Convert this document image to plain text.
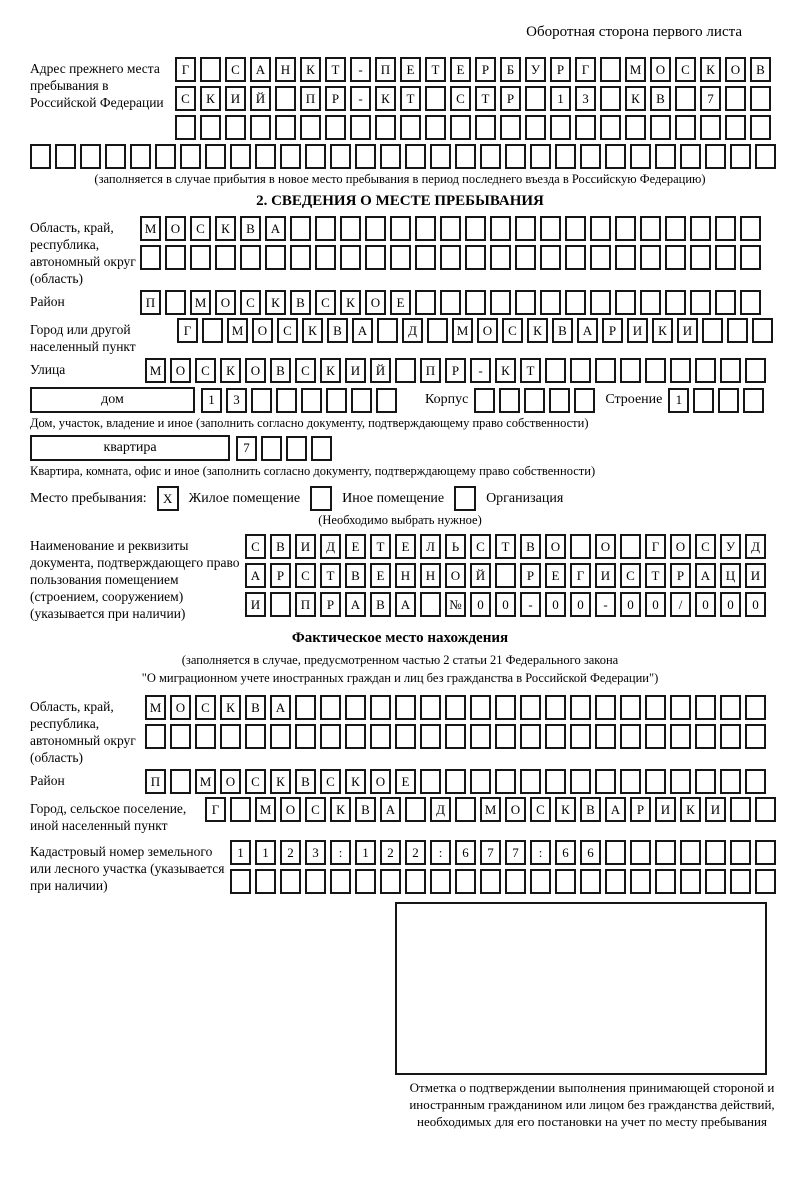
Оборотная сторона первого листа
Адрес прежнего места пребывания в Российской Федерации
Г	С	А	Н	К	Т	-	П	Е	Т	Е	Р	Б	У	Р	Г	М	О	С	К	О	В
С	К	И	Й	П	Р	-	К	Т	С	Т	Р	1	3	К	В	7
(заполняется в случае прибытия в новое место пребывания в период последнего въезда в Российскую Федерацию)
2. СВЕДЕНИЯ О МЕСТЕ ПРЕБЫВАНИЯ
Область, край, республика, автономный округ (область)
М	О	С	К	В	А
Район	П	М	О	С	К	В	С	К	О	Е
Город или другой населенный пункт
Г	М	О	С	К	В	А	Д	М	О	С	К	В	А	Р	И	К	И
Улица	М	О	С	К	О	В	С	К	И	Й	П	Р	-	К	Т
дом	1	3	Корпус	Строение	1
Дом, участок, владение и иное (заполнить согласно документу, подтверждающему право собственности)
квартира	7
Квартира, комната, офис и иное (заполнить согласно документу, подтверждающему право собственности)
Место пребывания:	X	Жилое помещение	Иное помещение	Организация
(Необходимо выбрать нужное)
Наименование и реквизиты документа, подтверждающего право пользования помещением (строением, сооружением) (указывается при наличии)
С	В	И	Д	Е	Т	Е	Л	Ь	С	Т	В	О	О	Г	О	С	У	Д
А	Р	С	Т	В	Е	Н	Н	О	Й	Р	Е	Г	И	С	Т	Р	А	Ц	И
И	П	Р	А	В	А	№	0	0	-	0	0	-	0	0	/	0	0	0
Фактическое место нахождения
(заполняется в случае, предусмотренном частью 2 статьи 21 Федерального закона
"О миграционном учете иностранных граждан и лиц без гражданства в Российской Федерации")
Область, край, республика, автономный округ (область)
М	О	С	К	В	А
Район	П	М	О	С	К	В	С	К	О	Е
Город, сельское поселение, иной населенный пункт
Г	М	О	С	К	В	А	Д	М	О	С	К	В	А	Р	И	К	И
Кадастровый номер земельного или лесного участка (указывается при наличии)
1	1	2	3	:	1	2	2	:	6	7	7	:	6	6
Отметка о подтверждении выполнения принимающей стороной и иностранным гражданином или лицом без гражданства действий, необходимых для его постановки на учет по месту пребывания
